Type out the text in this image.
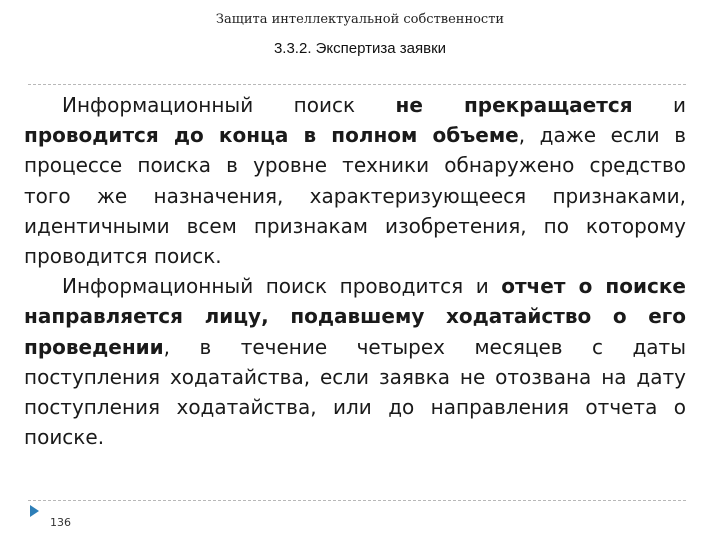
Защита интеллектуальной собственности
3.3.2. Экспертиза заявки

Информационный поиск не прекращается и проводится до конца в полном объеме, даже если в процессе поиска в уровне техники обнаружено средство того же назначения, характеризующееся признаками, идентичными всем признакам изобретения, по которому проводится поиск.

Информационный поиск проводится и отчет о поиске направляется лицу, подавшему ходатайство о его проведении, в течение четырех месяцев с даты поступления ходатайства, если заявка не отозвана на дату поступления ходатайства, или до направления отчета о поиске.

136
